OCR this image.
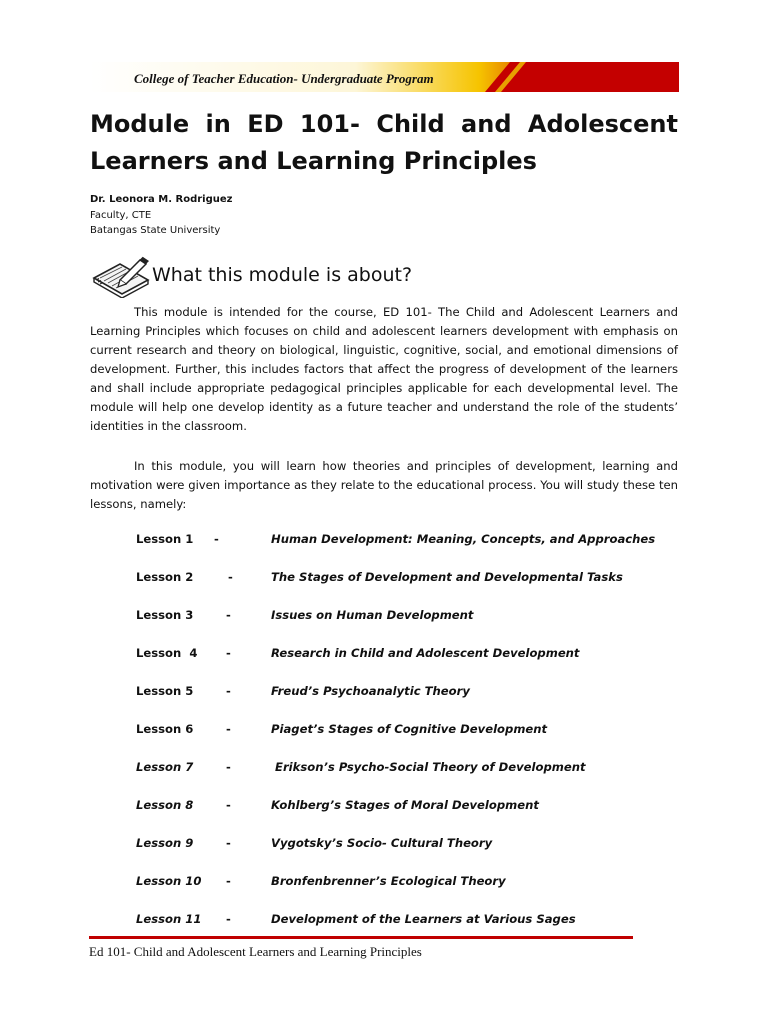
College of Teacher Education- Undergraduate Program
Module in ED 101- Child and Adolescent Learners and Learning Principles
Dr. Leonora M. Rodriguez
Faculty, CTE
Batangas State University
What this module is about?

This module is intended for the course, ED 101- The Child and Adolescent Learners and Learning Principles which focuses on child and adolescent learners development with emphasis on current research and theory on biological, linguistic, cognitive, social, and emotional dimensions of development. Further, this includes factors that affect the progress of development of the learners and shall include appropriate pedagogical principles applicable for each developmental level. The module will help one develop identity as a future teacher and understand the role of the students’ identities in the classroom.

In this module, you will learn how theories and principles of development, learning and motivation were given importance as they relate to the educational process. You will study these ten lessons, namely:

Lesson 1 -	Human Development: Meaning, Concepts, and Approaches
Lesson 2	-	The Stages of Development and Developmental Tasks
Lesson 3	-	Issues on Human Development
Lesson  4 -	Research in Child and Adolescent Development
Lesson 5	-	Freud’s Psychoanalytic Theory
Lesson 6	-	Piaget’s Stages of Cognitive Development
Lesson 7	-	Erikson’s Psycho-Social Theory of Development
Lesson 8	-	Kohlberg’s Stages of Moral Development
Lesson 9	-	Vygotsky’s Socio- Cultural Theory
Lesson 10 -	Bronfenbrenner’s Ecological Theory
Lesson 11 -	Development of the Learners at Various Sages
Ed 101- Child and Adolescent Learners and Learning Principles
